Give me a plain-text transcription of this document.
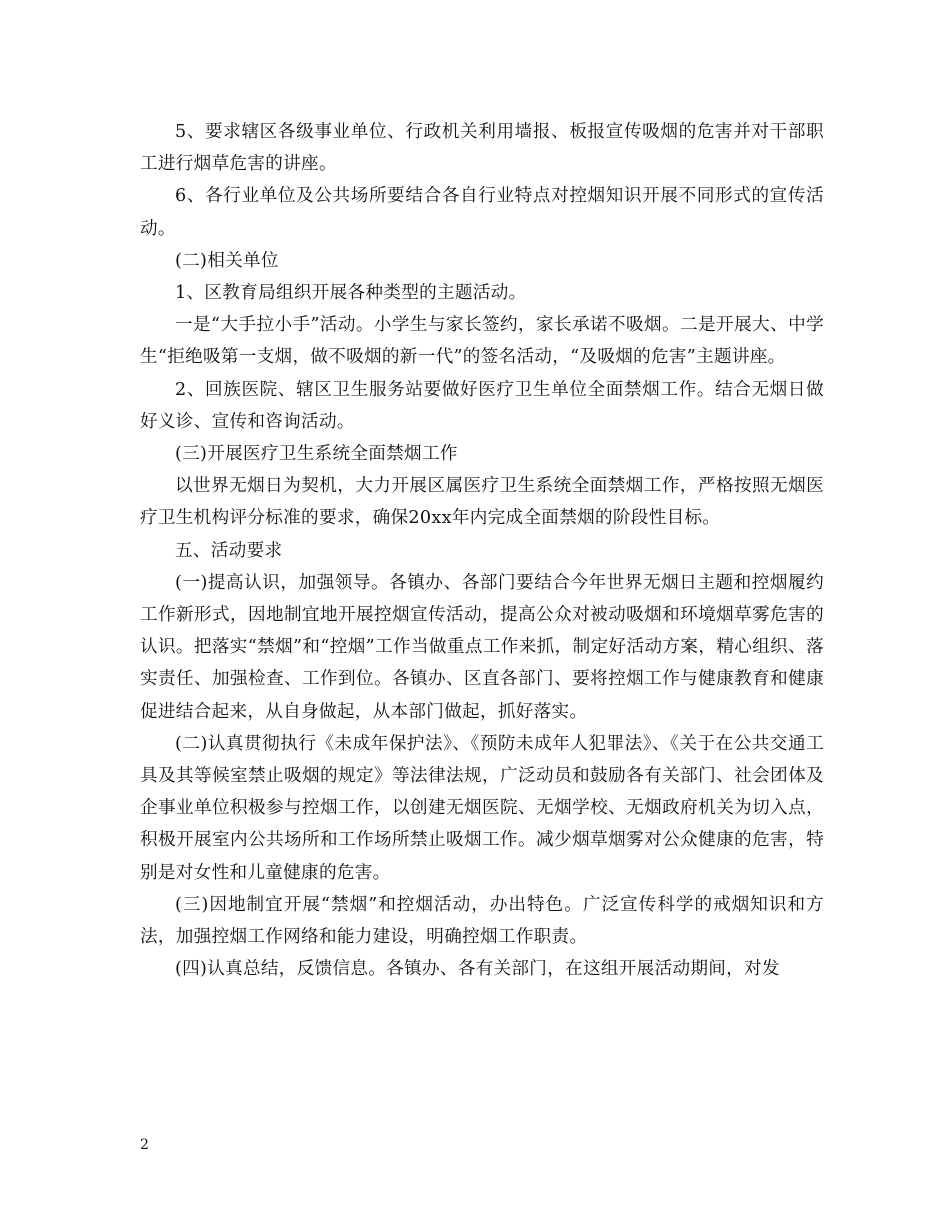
5、要求辖区各级事业单位、行政机关利用墙报、板报宣传吸烟的危害并对干部职工进行烟草危害的讲座。

6、各行业单位及公共场所要结合各自行业特点对控烟知识开展不同形式的宣传活动。

(二)相关单位

1、区教育局组织开展各种类型的主题活动。

一是“大手拉小手”活动。小学生与家长签约，家长承诺不吸烟。二是开展大、中学生“拒绝吸第一支烟，做不吸烟的新一代”的签名活动，“及吸烟的危害”主题讲座。

2、回族医院、辖区卫生服务站要做好医疗卫生单位全面禁烟工作。结合无烟日做好义诊、宣传和咨询活动。

(三)开展医疗卫生系统全面禁烟工作

以世界无烟日为契机，大力开展区属医疗卫生系统全面禁烟工作，严格按照无烟医疗卫生机构评分标准的要求，确保20xx年内完成全面禁烟的阶段性目标。

五、活动要求

(一)提高认识，加强领导。各镇办、各部门要结合今年世界无烟日主题和控烟履约工作新形式，因地制宜地开展控烟宣传活动，提高公众对被动吸烟和环境烟草雾危害的认识。把落实“禁烟”和“控烟”工作当做重点工作来抓，制定好活动方案，精心组织、落实责任、加强检查、工作到位。各镇办、区直各部门、要将控烟工作与健康教育和健康促进结合起来，从自身做起，从本部门做起，抓好落实。

(二)认真贯彻执行《未成年保护法》、《预防未成年人犯罪法》、《关于在公共交通工具及其等候室禁止吸烟的规定》等法律法规，广泛动员和鼓励各有关部门、社会团体及企事业单位积极参与控烟工作，以创建无烟医院、无烟学校、无烟政府机关为切入点，积极开展室内公共场所和工作场所禁止吸烟工作。减少烟草烟雾对公众健康的危害，特别是对女性和儿童健康的危害。

(三)因地制宜开展“禁烟”和控烟活动，办出特色。广泛宣传科学的戒烟知识和方法，加强控烟工作网络和能力建设，明确控烟工作职责。

(四)认真总结，反馈信息。各镇办、各有关部门，在这组开展活动期间，对发

2
